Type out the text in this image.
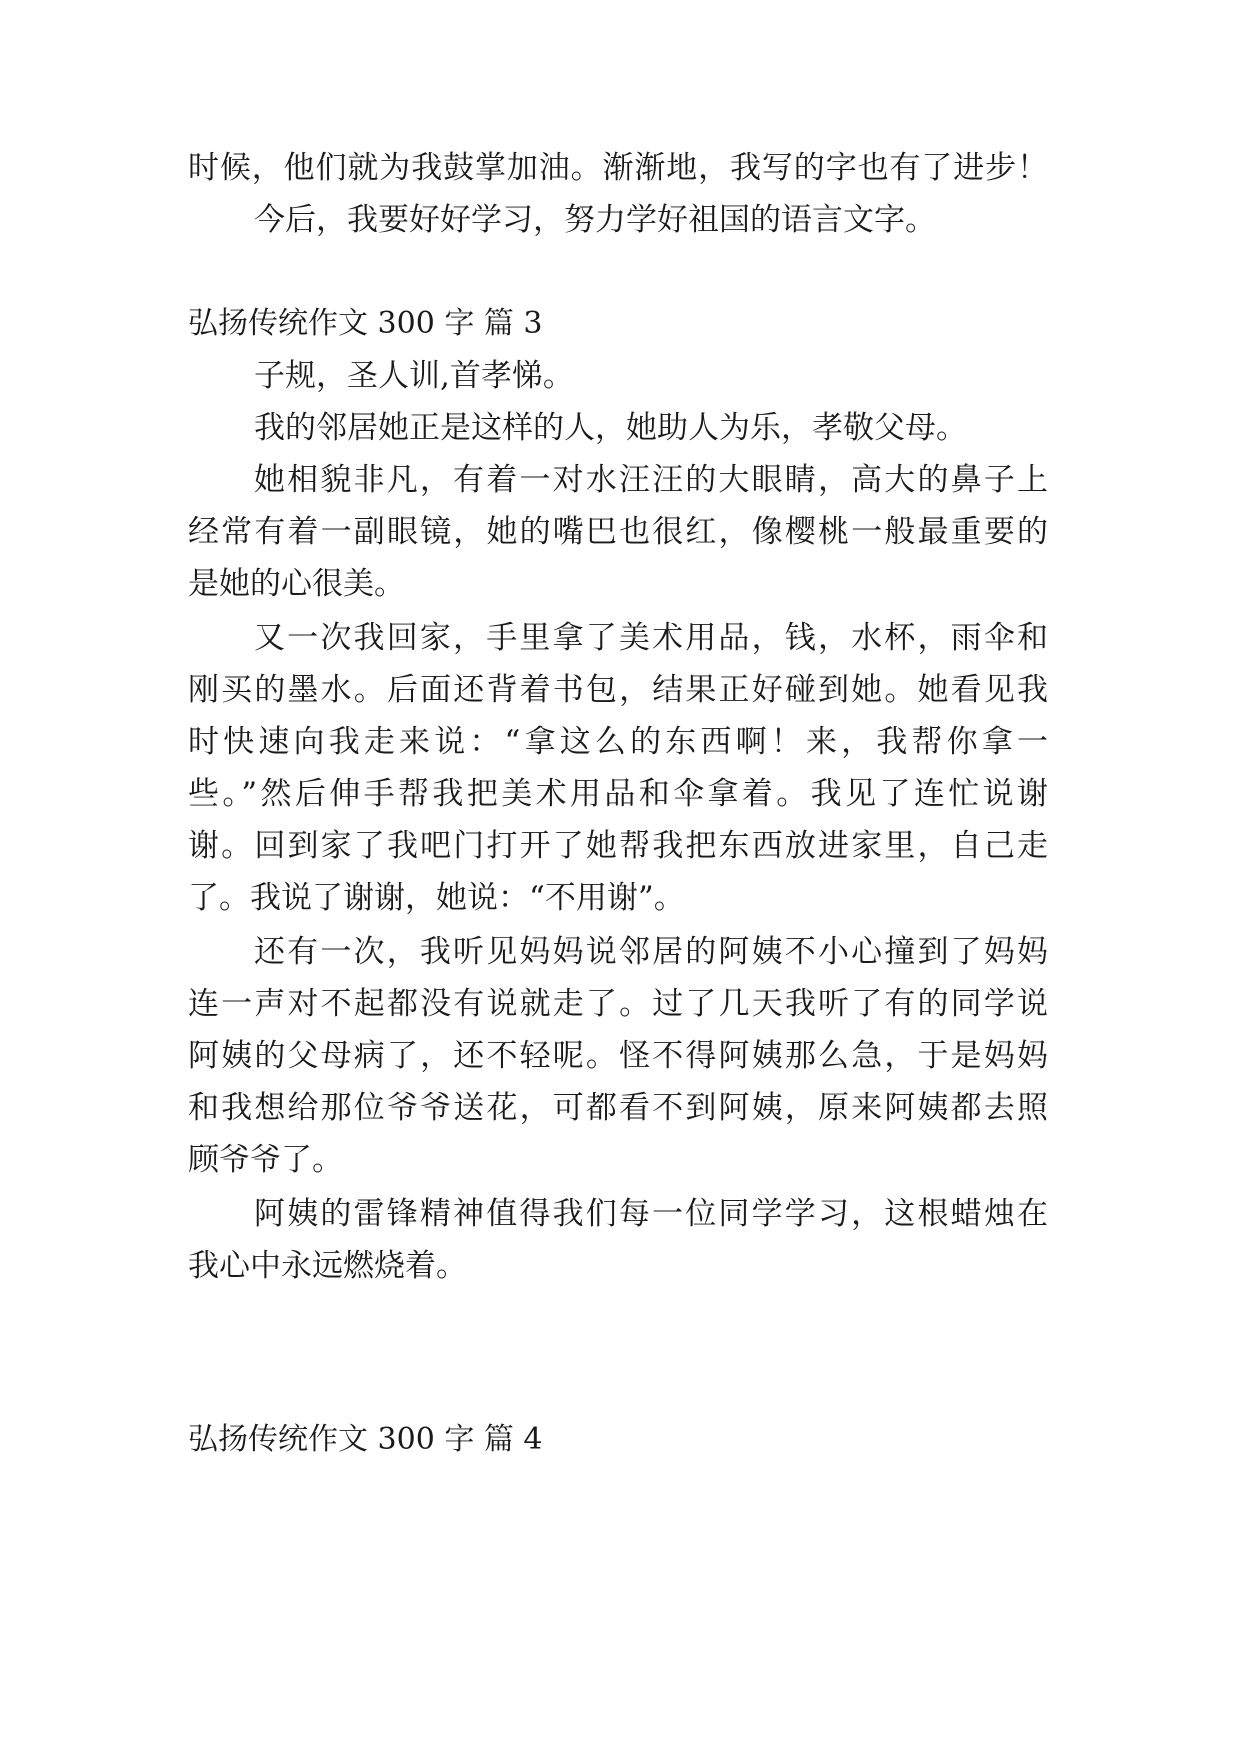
时候，他们就为我鼓掌加油。渐渐地，我写的字也有了进步！
今后，我要好好学习，努力学好祖国的语言文字。
弘扬传统作文 300 字 篇 3
子规，圣人训,首孝悌。
我的邻居她正是这样的人，她助人为乐，孝敬父母。
她相貌非凡，有着一对水汪汪的大眼睛，高大的鼻子上
经常有着一副眼镜，她的嘴巴也很红，像樱桃一般最重要的
是她的心很美。
又一次我回家，手里拿了美术用品，钱，水杯，雨伞和
刚买的墨水。后面还背着书包，结果正好碰到她。她看见我
时快速向我走来说：“拿这么的东西啊！来，我帮你拿一
些。”然后伸手帮我把美术用品和伞拿着。我见了连忙说谢
谢。回到家了我吧门打开了她帮我把东西放进家里，自己走
了。我说了谢谢，她说：“不用谢”。
还有一次，我听见妈妈说邻居的阿姨不小心撞到了妈妈
连一声对不起都没有说就走了。过了几天我听了有的同学说
阿姨的父母病了，还不轻呢。怪不得阿姨那么急，于是妈妈
和我想给那位爷爷送花，可都看不到阿姨，原来阿姨都去照
顾爷爷了。
阿姨的雷锋精神值得我们每一位同学学习，这根蜡烛在
我心中永远燃烧着。
弘扬传统作文 300 字 篇 4
